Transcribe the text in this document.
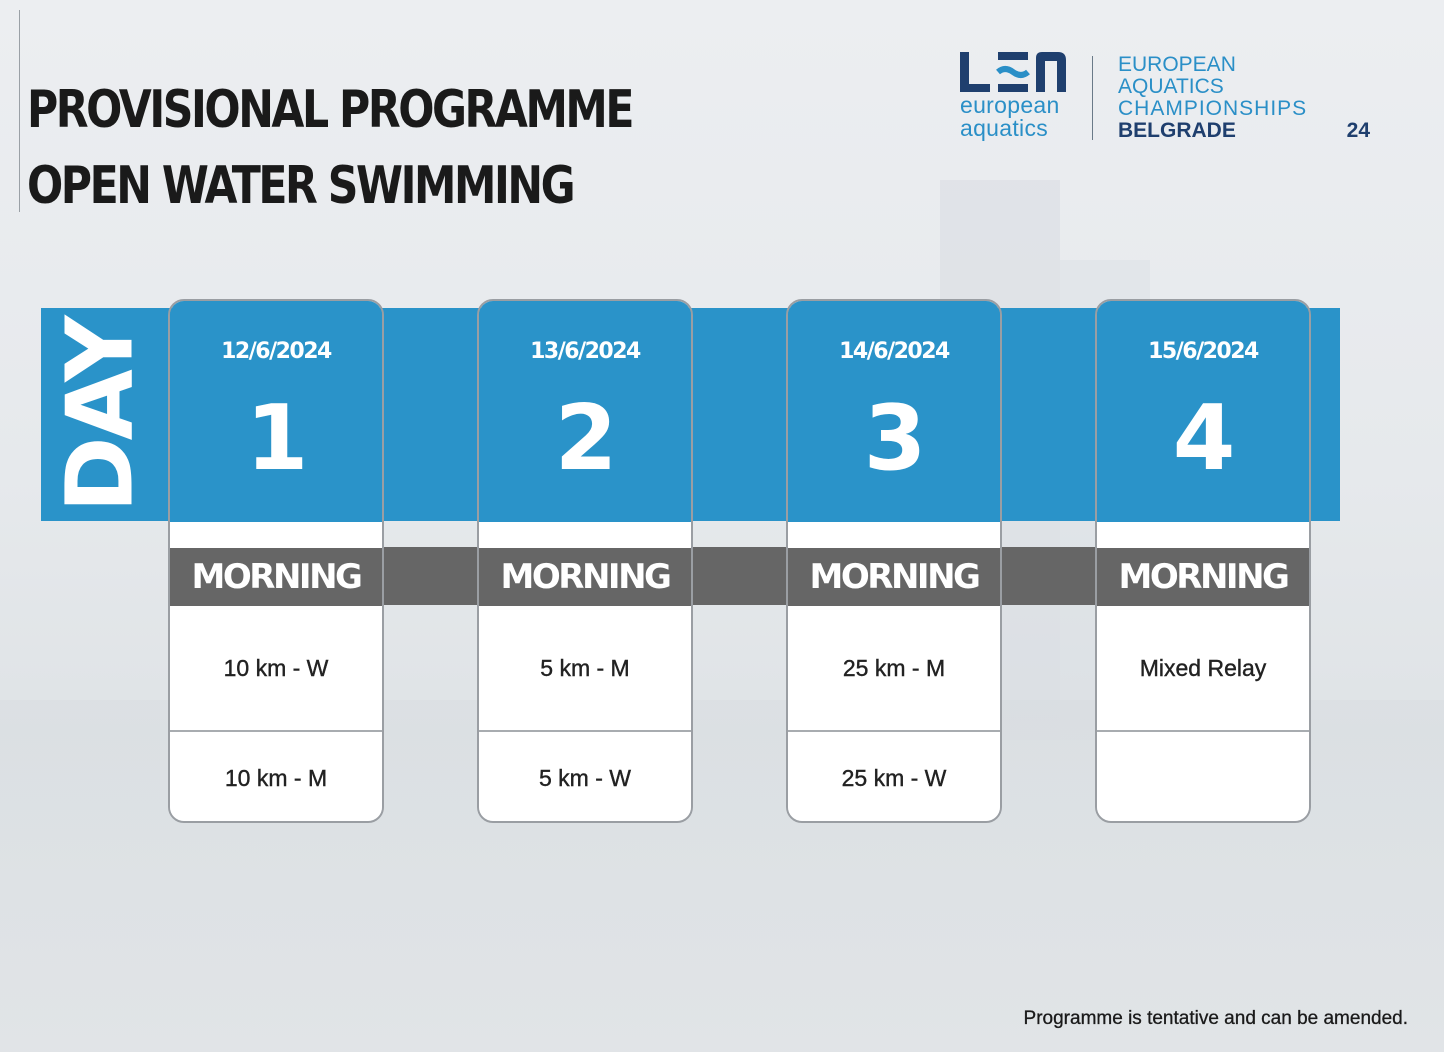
PROVISIONAL PROGRAMME
OPEN WATER SWIMMING
european
aquatics
EUROPEAN
AQUATICS
CHAMPIONSHIPS
BELGRADE 24
DAY	12/6/2024
1
MORNING
10 km - W
10 km - M
13/6/2024
2
MORNING
5 km - M
5 km - W
14/6/2024
3
MORNING
25 km - M
25 km - W
15/6/2024
4
MORNING
Mixed Relay
Programme is tentative and can be amended.
